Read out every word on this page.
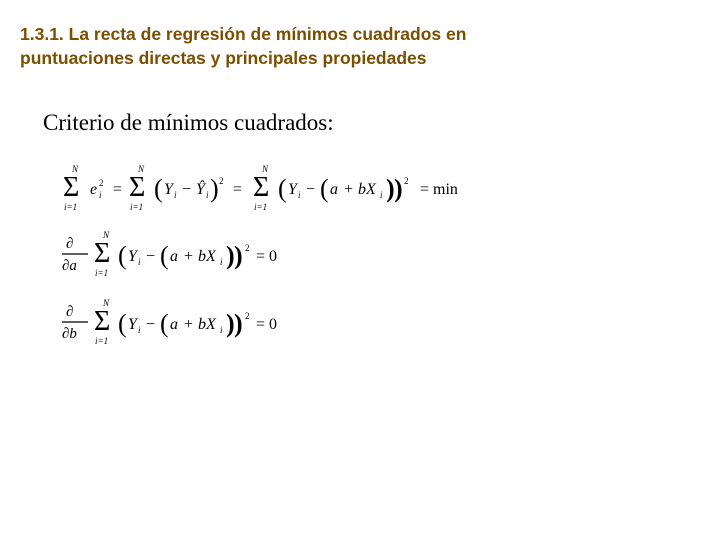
1.3.1. La recta de regresión de mínimos cuadrados en
puntuaciones directas y principales propiedades
Criterio de mínimos cuadrados:
N
Σ
i=1
e i
2 =
N
Σ
i=1
( Y i − Ŷ i ) 2 =
N
Σ
i=1
( Y i − ( a + bX i ) ) 2 = min
∂
∂a
N
Σ
i=1
( Y i − ( a + bX i ) ) 2 = 0
∂
∂b
N
Σ
i=1
( Y i − ( a + bX i ) ) 2 = 0
